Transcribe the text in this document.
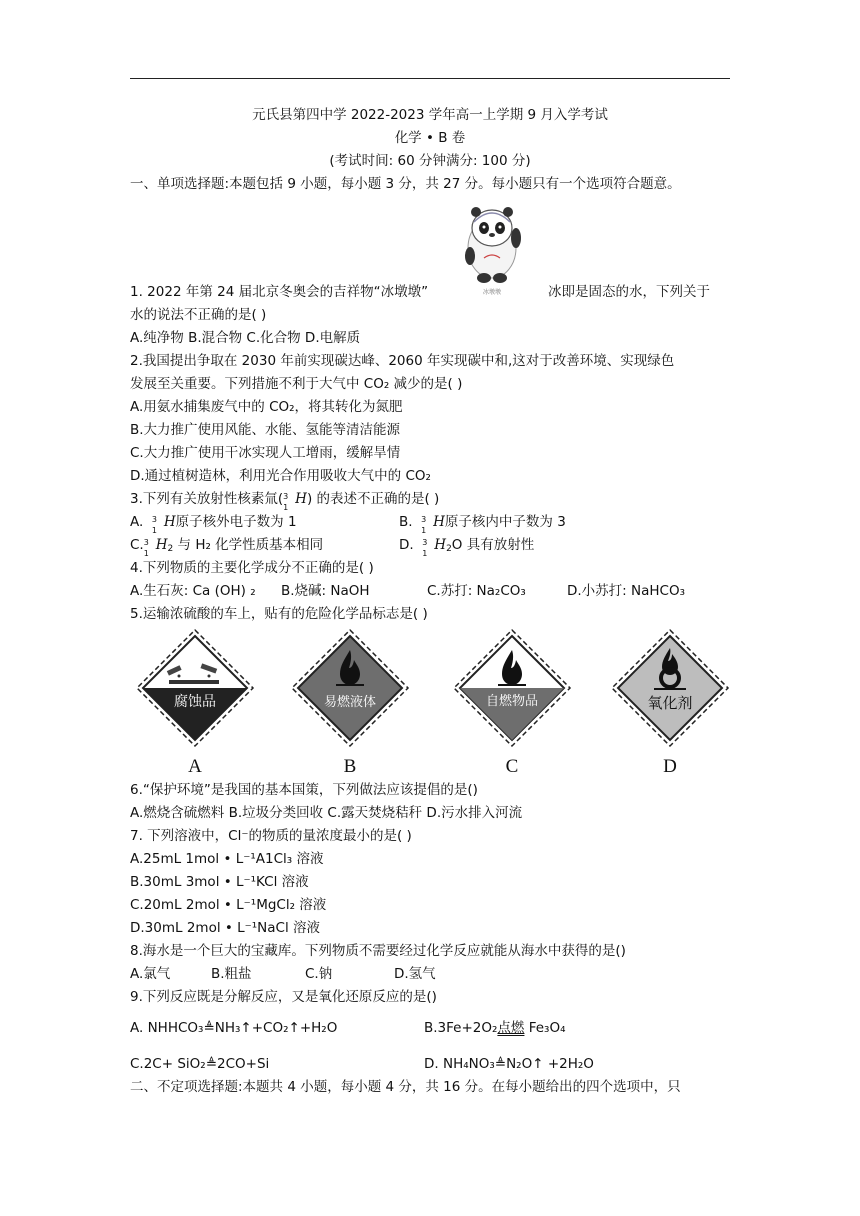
元氏县第四中学 2022-2023 学年高一上学期 9 月入学考试
化学 • B 卷
(考试时间: 60 分钟满分: 100 分)
一、单项选择题:本题包括 9 小题，每小题 3 分，共 27 分。每小题只有一个选项符合题意。
冰墩墩
1. 2022 年第 24 届北京冬奥会的吉祥物“冰墩墩”	冰即是固态的水，下列关于
水的说法不正确的是( )
A.纯净物 B.混合物 C.化合物 D.电解质
2.我国提出争取在 2030 年前实现碳达峰、2060 年实现碳中和,这对于改善环境、实现绿色
发展至关重要。下列措施不利于大气中 CO₂ 减少的是( )
A.用氨水捕集废气中的 CO₂，将其转化为氮肥
B.大力推广使用风能、水能、氢能等清洁能源
C.大力推广使用干冰实现人工增雨，缓解旱情
D.通过植树造林，利用光合作用吸收大气中的 CO₂
3.下列有关放射性核素氚( 3
1
H) 的表述不正确的是( )
A. 3
1
H原子核外电子数为 1	B. 3
1
H原子核内中子数为 3
C. 3
1
$H_2$ 与 H₂ 化学性质基本相同	D. 3
1
$H_2O$ 具有放射性
4.下列物质的主要化学成分不正确的是( )
A.生石灰: Ca (OH) ₂ B.烧碱: NaOH	C.苏打: Na₂CO₃	D.小苏打: NaHCO₃
5.运输浓硫酸的车上，贴有的危险化学品标志是( )
腐蚀品
A
易燃液体
B
自燃物品
C
氧化剂
D
6.“保护环境”是我国的基本国策，下列做法应该提倡的是()
A.燃烧含硫燃料 B.垃圾分类回收 C.露天焚烧秸秆 D.污水排入河流
7. 下列溶液中，Cl⁻的物质的量浓度最小的是( )
A.25mL 1mol • L⁻¹A1Cl₃ 溶液
B.30mL 3mol • L⁻¹KCl 溶液
C.20mL 2mol • L⁻¹MgCl₂ 溶液
D.30mL 2mol • L⁻¹NaCl 溶液
8.海水是一个巨大的宝藏库。下列物质不需要经过化学反应就能从海水中获得的是()
A.氯气	B.粗盐	C.钠	D.氢气
9.下列反应既是分解反应，又是氧化还原反应的是()
A. NHHCO₃≜NH₃↑+CO₂↑+H₂O	B.3Fe+2O₂点燃 Fe₃O₄
C.2C+ SiO₂≜2CO+Si	D. NH₄NO₃≜N₂O↑ +2H₂O
二、不定项选择题:本题共 4 小题，每小题 4 分，共 16 分。在每小题给出的四个选项中，只
